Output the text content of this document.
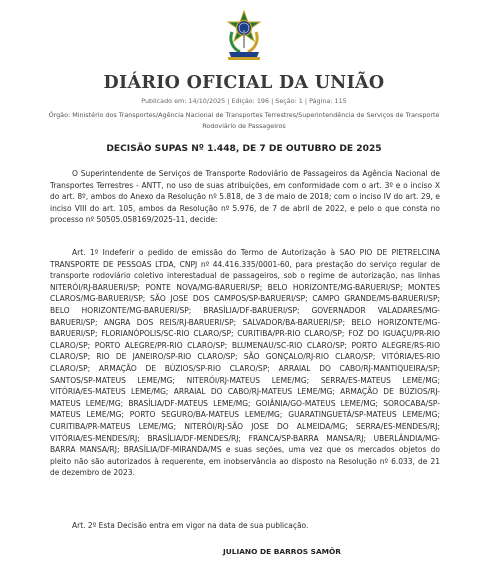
DIÁRIO OFICIAL DA UNIÃO
Publicado em: 14/10/2025 | Edição: 196 | Seção: 1 | Página: 115
Órgão: Ministério dos Transportes/Agência Nacional de Transportes Terrestres/Superintendência de Serviços de Transporte Rodoviário de Passageiros
DECISÃO SUPAS Nº 1.448, DE 7 DE OUTUBRO DE 2025

O Superintendente de Serviços de Transporte Rodoviário de Passageiros da Agência Nacional de Transportes Terrestres - ANTT, no uso de suas atribuições, em conformidade com o art. 3º e o inciso X do art. 8º, ambos do Anexo da Resolução nº 5.818, de 3 de maio de 2018; com o inciso IV do art. 29, e inciso VIII do art. 105, ambos da Resolução nº 5.976, de 7 de abril de 2022, e pelo o que consta no processo nº 50505.058169/2025-11, decide:

Art. 1º Indeferir o pedido de emissão do Termo de Autorização à SAO PIO DE PIETRELCINA TRANSPORTE DE PESSOAS LTDA, CNPJ nº 44.416.335/0001-60, para prestação do serviço regular de transporte rodoviário coletivo interestadual de passageiros, sob o regime de autorização, nas linhas NITERÓI/RJ-BARUERI/SP; PONTE NOVA/MG-BARUERI/SP; BELO HORIZONTE/MG-BARUERI/SP; MONTES CLAROS/MG-BARUERI/SP; SÃO JOSE DOS CAMPOS/SP-BARUERI/SP; CAMPO GRANDE/MS-BARUERI/SP; BELO HORIZONTE/MG-BARUERI/SP; BRASÍLIA/DF-BARUERI/SP; GOVERNADOR VALADARES/MG-BARUERI/SP; ANGRA DOS REIS/RJ-BARUERI/SP; SALVADOR/BA-BARUERI/SP; BELO HORIZONTE/MG-BARUERI/SP; FLORIANÓPOLIS/SC-RIO CLARO/SP; CURITIBA/PR-RIO CLARO/SP; FOZ DO IGUAÇU/PR-RIO CLARO/SP; PORTO ALEGRE/PR-RIO CLARO/SP; BLUMENAU/SC-RIO CLARO/SP; PORTO ALEGRE/RS-RIO CLARO/SP; RIO DE JANEIRO/SP-RIO CLARO/SP; SÃO GONÇALO/RJ-RIO CLARO/SP; VITÓRIA/ES-RIO CLARO/SP; ARMAÇÃO DE BÚZIOS/SP-RIO CLARO/SP; ARRAIAL DO CABO/RJ-MANTIQUEIRA/SP; SANTOS/SP-MATEUS LEME/MG; NITERÓI/RJ-MATEUS LEME/MG; SERRA/ES-MATEUS LEME/MG; VITÓRIA/ES-MATEUS LEME/MG; ARRAIAL DO CABO/RJ-MATEUS LEME/MG; ARMAÇÃO DE BÚZIOS/RJ-MATEUS LEME/MG; BRASÍLIA/DF-MATEUS LEME/MG; GOIÂNIA/GO-MATEUS LEME/MG; SOROCABA/SP-MATEUS LEME/MG; PORTO SEGURO/BA-MATEUS LEME/MG; GUARATINGUETÁ/SP-MATEUS LEME/MG; CURITIBA/PR-MATEUS LEME/MG; NITERÓI/RJ-SÃO JOSE DO ALMEIDA/MG; SERRA/ES-MENDES/RJ; VITÓRIA/ES-MENDES/RJ; BRASÍLIA/DF-MENDES/RJ; FRANCA/SP-BARRA MANSA/RJ; UBERLÂNDIA/MG-BARRA MANSA/RJ; BRASÍLIA/DF-MIRANDA/MS e suas seções, uma vez que os mercados objetos do pleito não são autorizados à requerente, em inobservância ao disposto na Resolução nº 6.033, de 21 de dezembro de 2023.

Art. 2º Esta Decisão entra em vigor na data de sua publicação.

JULIANO DE BARROS SAMÔR
